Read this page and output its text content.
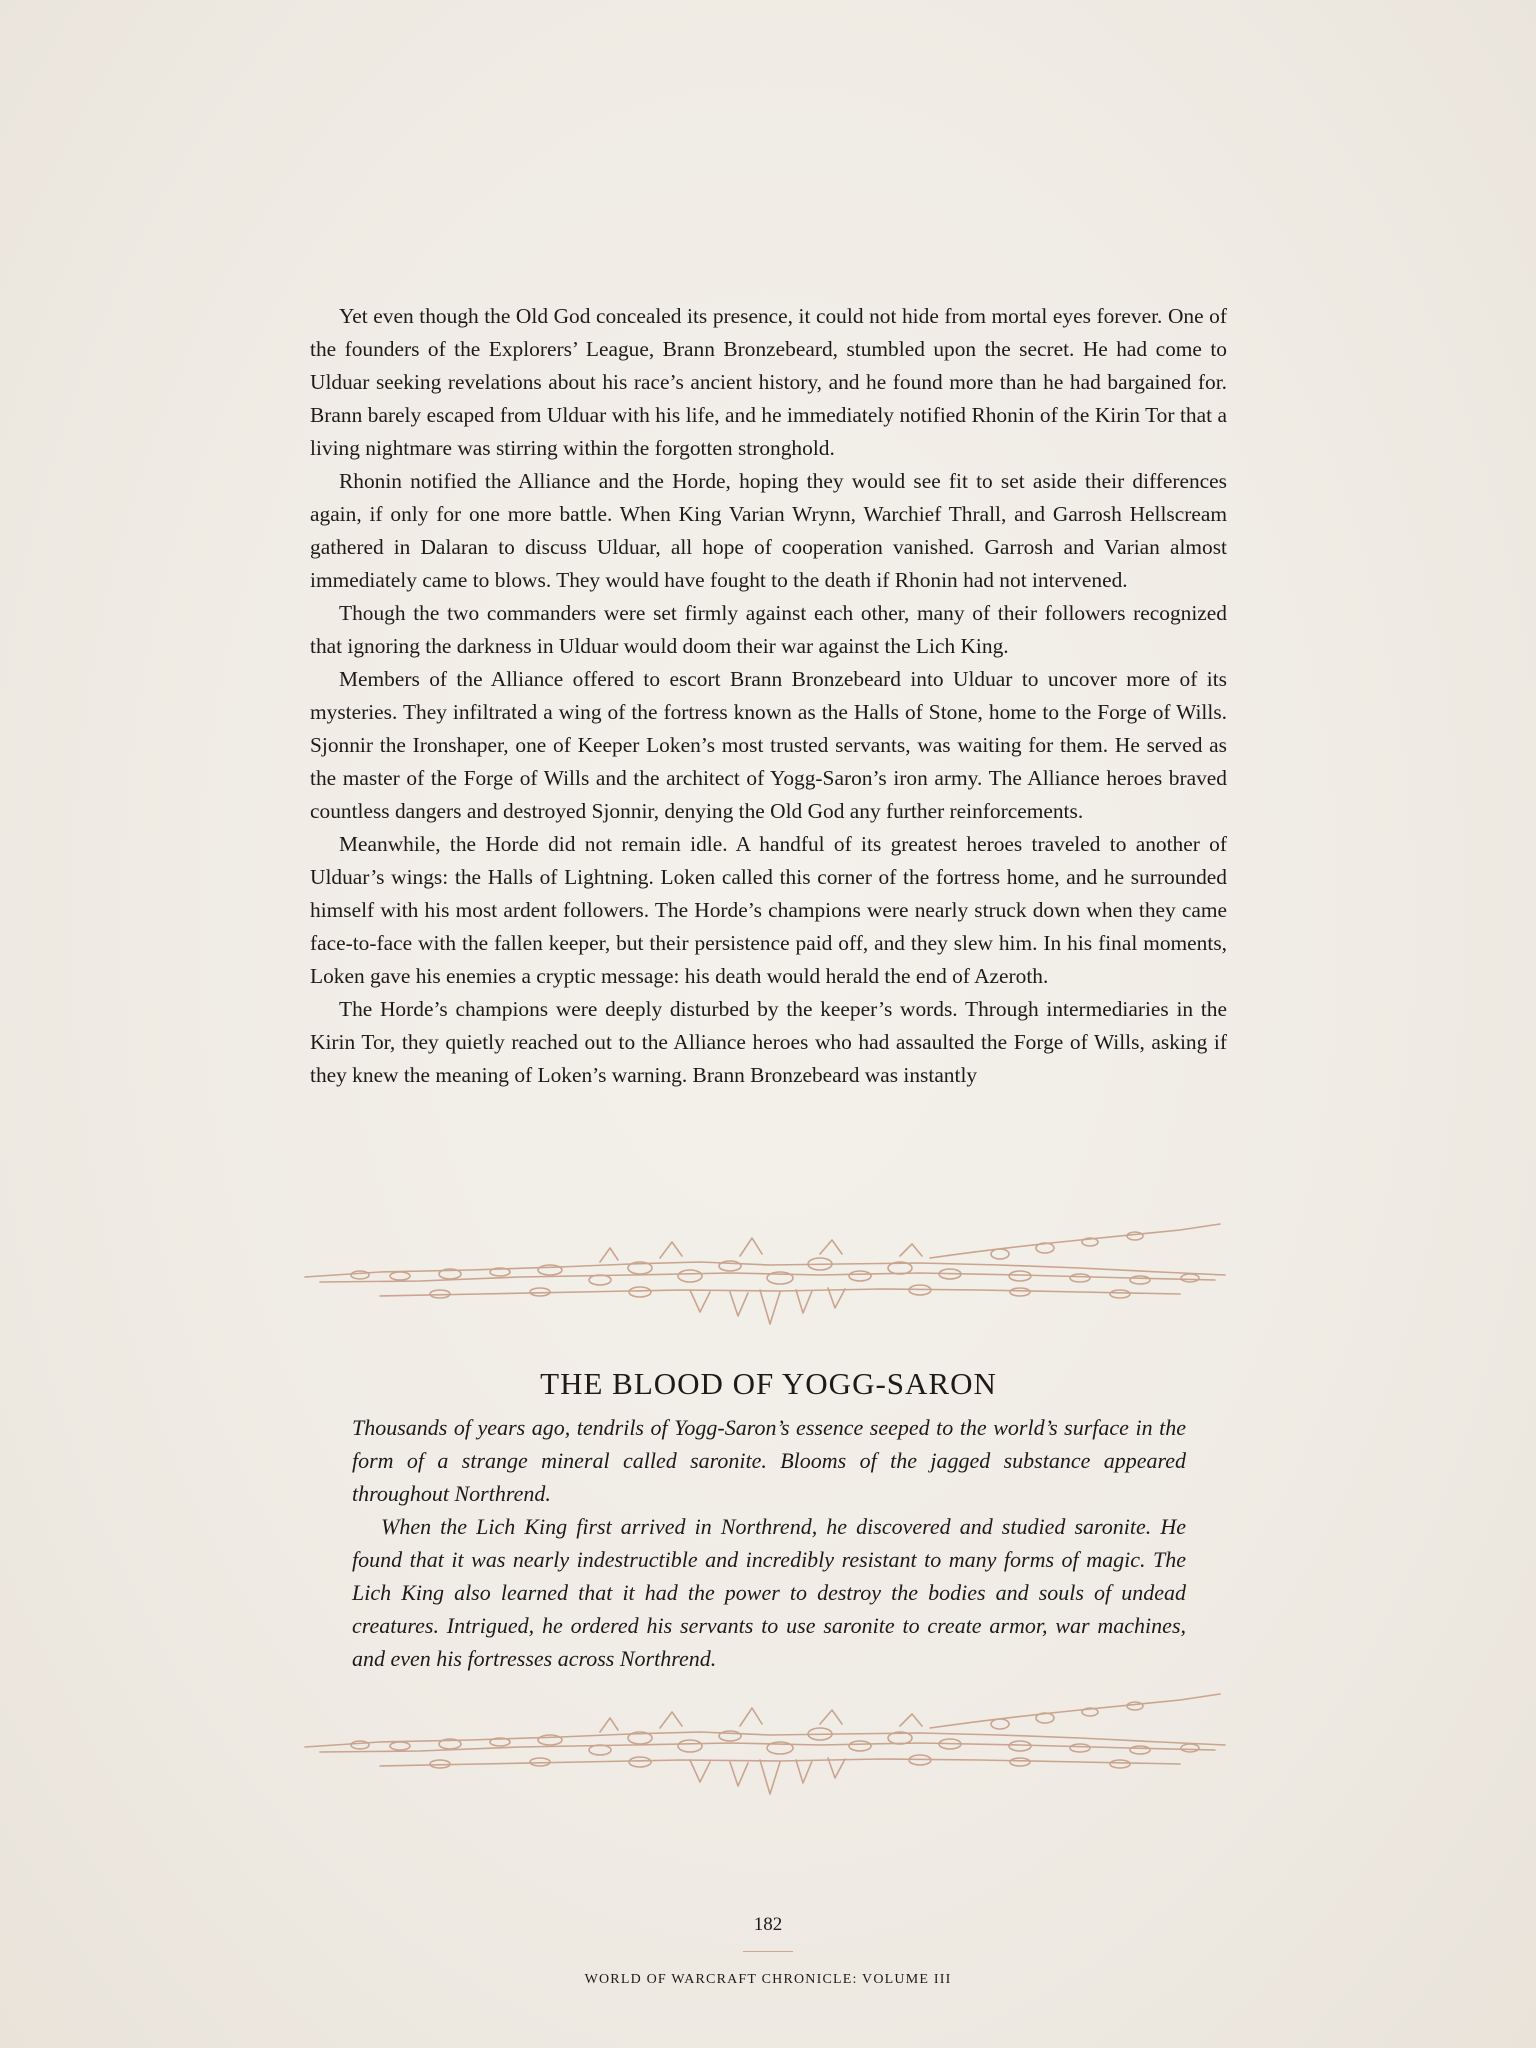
Yet even though the Old God concealed its presence, it could not hide from mortal eyes forever. One of the founders of the Explorers’ League, Brann Bronzebeard, stumbled upon the secret. He had come to Ulduar seeking revelations about his race’s ancient history, and he found more than he had bargained for. Brann barely escaped from Ulduar with his life, and he immediately notified Rhonin of the Kirin Tor that a living nightmare was stirring within the forgotten stronghold.

Rhonin notified the Alliance and the Horde, hoping they would see fit to set aside their differences again, if only for one more battle. When King Varian Wrynn, Warchief Thrall, and Garrosh Hellscream gathered in Dalaran to discuss Ulduar, all hope of cooperation vanished. Garrosh and Varian almost immediately came to blows. They would have fought to the death if Rhonin had not intervened.

Though the two commanders were set firmly against each other, many of their followers recognized that ignoring the darkness in Ulduar would doom their war against the Lich King.

Members of the Alliance offered to escort Brann Bronzebeard into Ulduar to uncover more of its mysteries. They infiltrated a wing of the fortress known as the Halls of Stone, home to the Forge of Wills. Sjonnir the Ironshaper, one of Keeper Loken’s most trusted servants, was waiting for them. He served as the master of the Forge of Wills and the architect of Yogg-Saron’s iron army. The Alliance heroes braved countless dangers and destroyed Sjonnir, denying the Old God any further reinforcements.

Meanwhile, the Horde did not remain idle. A handful of its greatest heroes traveled to another of Ulduar’s wings: the Halls of Lightning. Loken called this corner of the fortress home, and he surrounded himself with his most ardent followers. The Horde’s champions were nearly struck down when they came face-to-face with the fallen keeper, but their persistence paid off, and they slew him. In his final moments, Loken gave his enemies a cryptic message: his death would herald the end of Azeroth.

The Horde’s champions were deeply disturbed by the keeper’s words. Through intermediaries in the Kirin Tor, they quietly reached out to the Alliance heroes who had assaulted the Forge of Wills, asking if they knew the meaning of Loken’s warning. Brann Bronzebeard was instantly

THE BLOOD OF YOGG-SARON

Thousands of years ago, tendrils of Yogg-Saron’s essence seeped to the world’s surface in the form of a strange mineral called saronite. Blooms of the jagged substance appeared throughout Northrend.

When the Lich King first arrived in Northrend, he discovered and studied saronite. He found that it was nearly indestructible and incredibly resistant to many forms of magic. The Lich King also learned that it had the power to destroy the bodies and souls of undead creatures. Intrigued, he ordered his servants to use saronite to create armor, war machines, and even his fortresses across Northrend.

182
WORLD OF WARCRAFT CHRONICLE: VOLUME III
